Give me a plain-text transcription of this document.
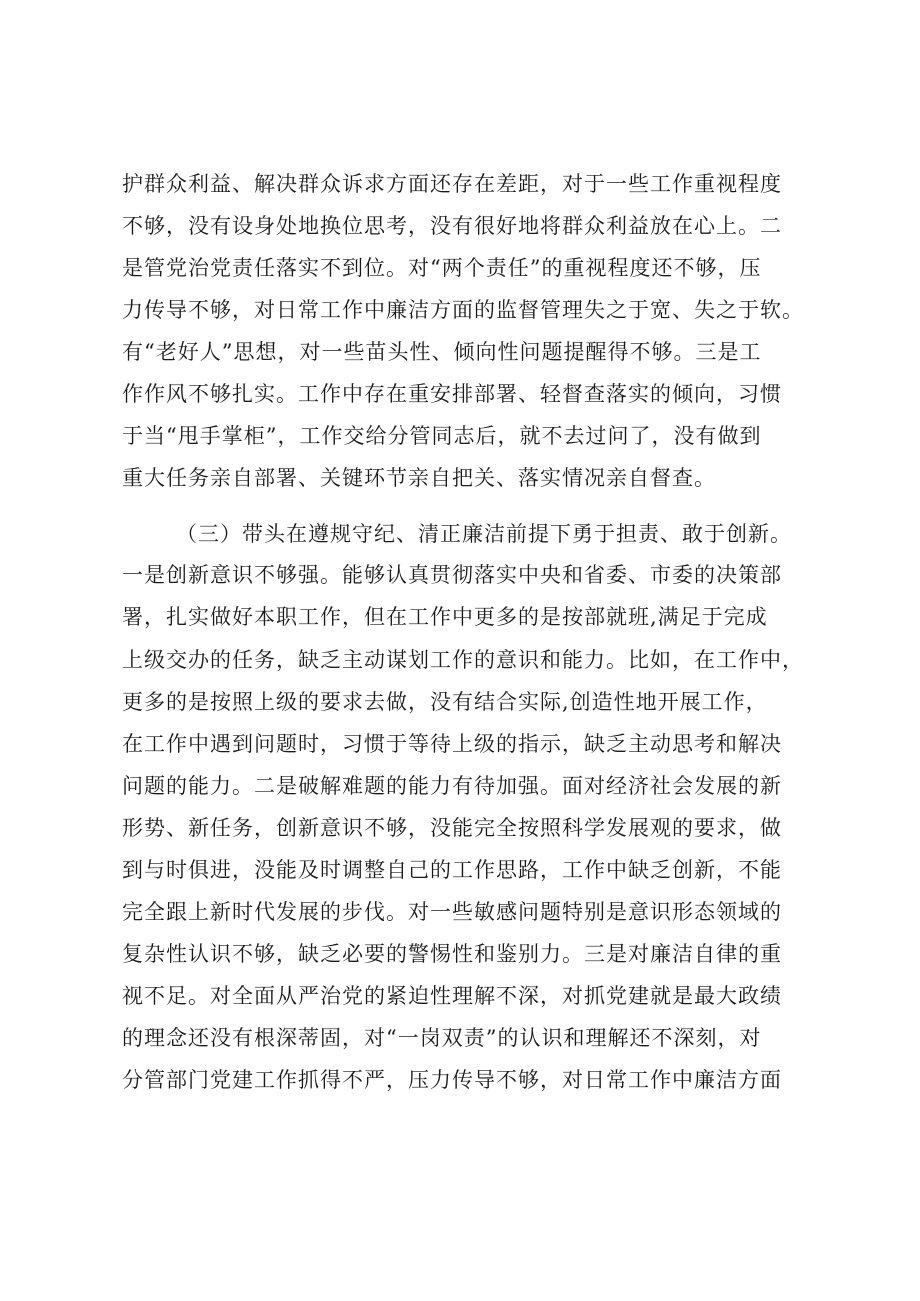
护群众利益、解决群众诉求方面还存在差距，对于一些工作重视程度
不够，没有设身处地换位思考，没有很好地将群众利益放在心上。二
是管党治党责任落实不到位。对“两个责任”的重视程度还不够，压
力传导不够，对日常工作中廉洁方面的监督管理失之于宽、失之于软。
有“老好人”思想，对一些苗头性、倾向性问题提醒得不够。三是工
作作风不够扎实。工作中存在重安排部署、轻督查落实的倾向，习惯
于当“甩手掌柜”，工作交给分管同志后，就不去过问了，没有做到
重大任务亲自部署、关键环节亲自把关、落实情况亲自督查。
（三）带头在遵规守纪、清正廉洁前提下勇于担责、敢于创新。
一是创新意识不够强。能够认真贯彻落实中央和省委、市委的决策部
署，扎实做好本职工作，但在工作中更多的是按部就班,满足于完成
上级交办的任务，缺乏主动谋划工作的意识和能力。比如，在工作中，
更多的是按照上级的要求去做，没有结合实际,创造性地开展工作，
在工作中遇到问题时，习惯于等待上级的指示，缺乏主动思考和解决
问题的能力。二是破解难题的能力有待加强。面对经济社会发展的新
形势、新任务，创新意识不够，没能完全按照科学发展观的要求，做
到与时俱进，没能及时调整自己的工作思路，工作中缺乏创新，不能
完全跟上新时代发展的步伐。对一些敏感问题特别是意识形态领域的
复杂性认识不够，缺乏必要的警惕性和鉴别力。三是对廉洁自律的重
视不足。对全面从严治党的紧迫性理解不深，对抓党建就是最大政绩
的理念还没有根深蒂固，对“一岗双责”的认识和理解还不深刻，对
分管部门党建工作抓得不严，压力传导不够，对日常工作中廉洁方面
